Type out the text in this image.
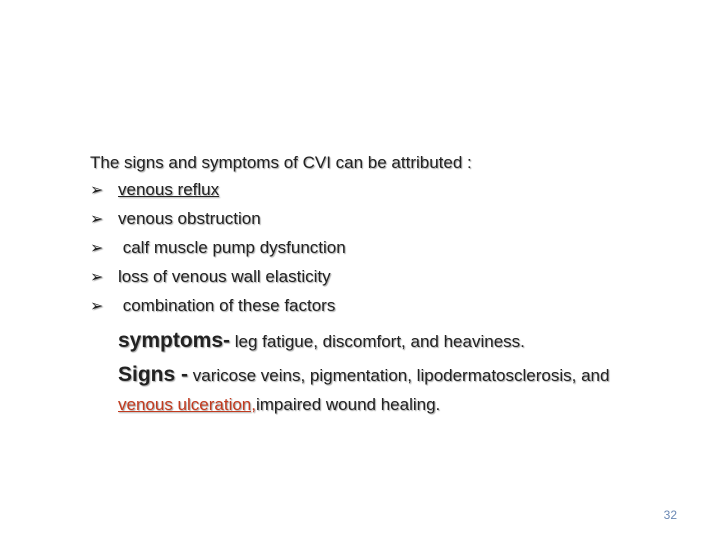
The signs and symptoms of CVI can be attributed :
➢ venous reflux
➢ venous obstruction
➢ calf muscle pump dysfunction
➢ loss of venous wall elasticity
➢ combination of these factors
symptoms- leg fatigue, discomfort, and heaviness.
Signs - varicose veins, pigmentation, lipodermatosclerosis, and
venous ulceration,impaired wound healing.
32
